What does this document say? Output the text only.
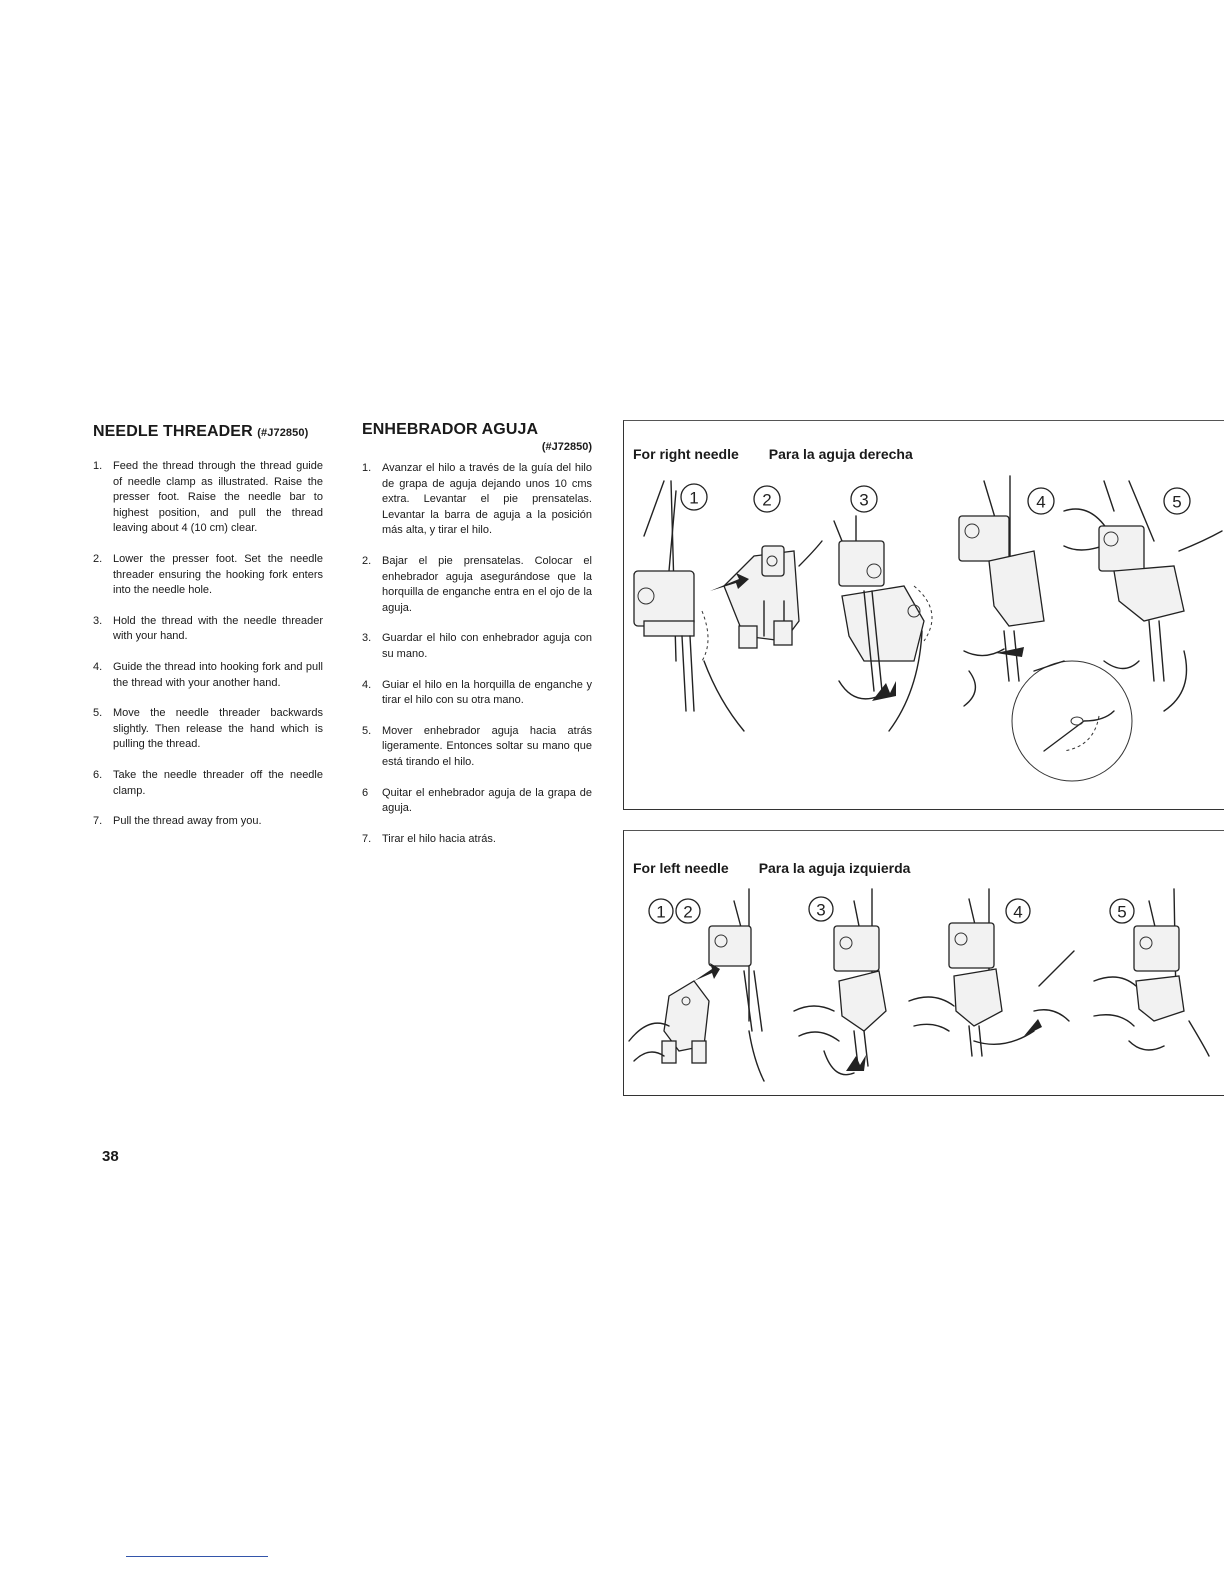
NEEDLE THREADER (#J72850)
1. Feed the thread through the thread guide of needle clamp as illustrated. Raise the presser foot. Raise the needle bar to highest position, and pull the thread leaving about 4 (10 cm) clear.
2. Lower the presser foot. Set the needle threader ensuring the hooking fork enters into the needle hole.
3. Hold the thread with the needle threader with your hand.
4. Guide the thread into hooking fork and pull the thread with your another hand.
5. Move the needle threader backwards slightly. Then release the hand which is pulling the thread.
6. Take the needle threader off the needle clamp.
7. Pull the thread away from you.
ENHEBRADOR AGUJA
(#J72850)
1. Avanzar el hilo a través de la guía del hilo de grapa de aguja dejando unos 10 cms extra. Levantar el pie prensatelas. Levantar la barra de aguja a la posición más alta, y tirar el hilo.
2. Bajar el pie prensatelas. Colocar el enhebrador aguja asegurándose que la horquilla de enganche entra en el ojo de la aguja.
3. Guardar el hilo con enhebrador aguja con su mano.
4. Guiar el hilo en la horquilla de enganche y tirar el hilo con su otra mano.
5. Mover enhebrador aguja hacia atrás ligeramente. Entonces soltar su mano que está tirando el hilo.
6	Quitar el enhebrador aguja de la grapa de aguja.
7. Tirar el hilo hacia atrás.
For right needle Para la aguja derecha
1	2	3	4	5
For left needle Para la aguja izquierda
1 2	3	4	5
38
